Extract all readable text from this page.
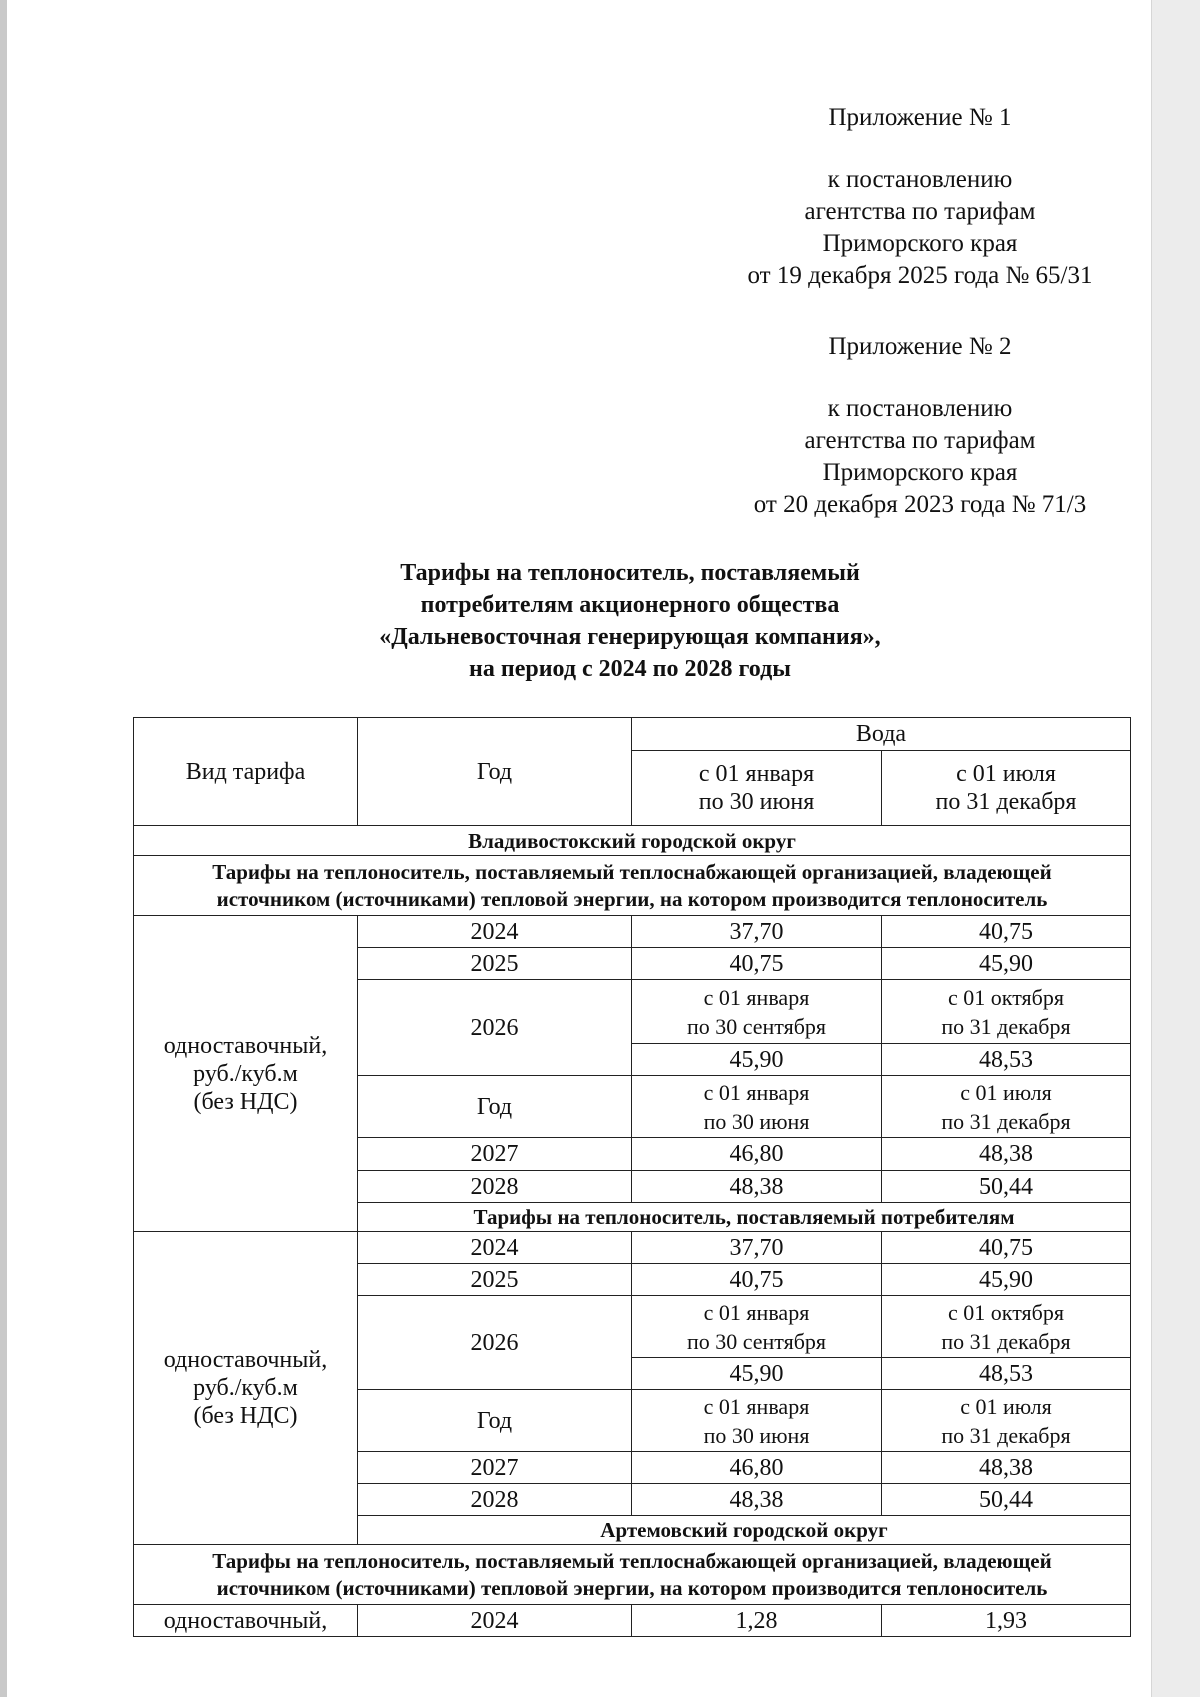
Приложение № 1
к постановлению
агентства по тарифам
Приморского края
от 19 декабря 2025 года № 65/31
Приложение № 2
к постановлению
агентства по тарифам
Приморского края
от 20 декабря 2023 года № 71/3
Тарифы на теплоноситель, поставляемый
потребителям акционерного общества
«Дальневосточная генерирующая компания»,
на период с 2024 по 2028 годы
Вид тарифа	Год	Вода	

		с 01 января
по 30 июня	с 01 июля
по 31 декабря

Владивостокский городской округ			

Тарифы на теплоноситель, поставляемый теплоснабжающей организацией, владеющей
источником (источниками) тепловой энергии, на котором производится теплоноситель			

одноставочный,
руб./куб.м
(без НДС)	2024	37,70	40,75
	2025	40,75	45,90
	2026	с 01 января
по 30 сентября	с 01 октября
по 31 декабря

		45,90	48,53
	Год	с 01 января
по 30 июня	с 01 июля
по 31 декабря

	2027	46,80	48,38
	2028	48,38	50,44
	Тарифы на теплоноситель, поставляемый потребителям		

одноставочный,
руб./куб.м
(без НДС)	2024	37,70	40,75
	2025	40,75	45,90
	2026	с 01 января
по 30 сентября	с 01 октября
по 31 декабря

		45,90	48,53
	Год	с 01 января
по 30 июня	с 01 июля
по 31 декабря

	2027	46,80	48,38
	2028	48,38	50,44
	Артемовский городской округ		

Тарифы на теплоноситель, поставляемый теплоснабжающей организацией, владеющей
источником (источниками) тепловой энергии, на котором производится теплоноситель			

одноставочный,	2024	1,28	1,93
